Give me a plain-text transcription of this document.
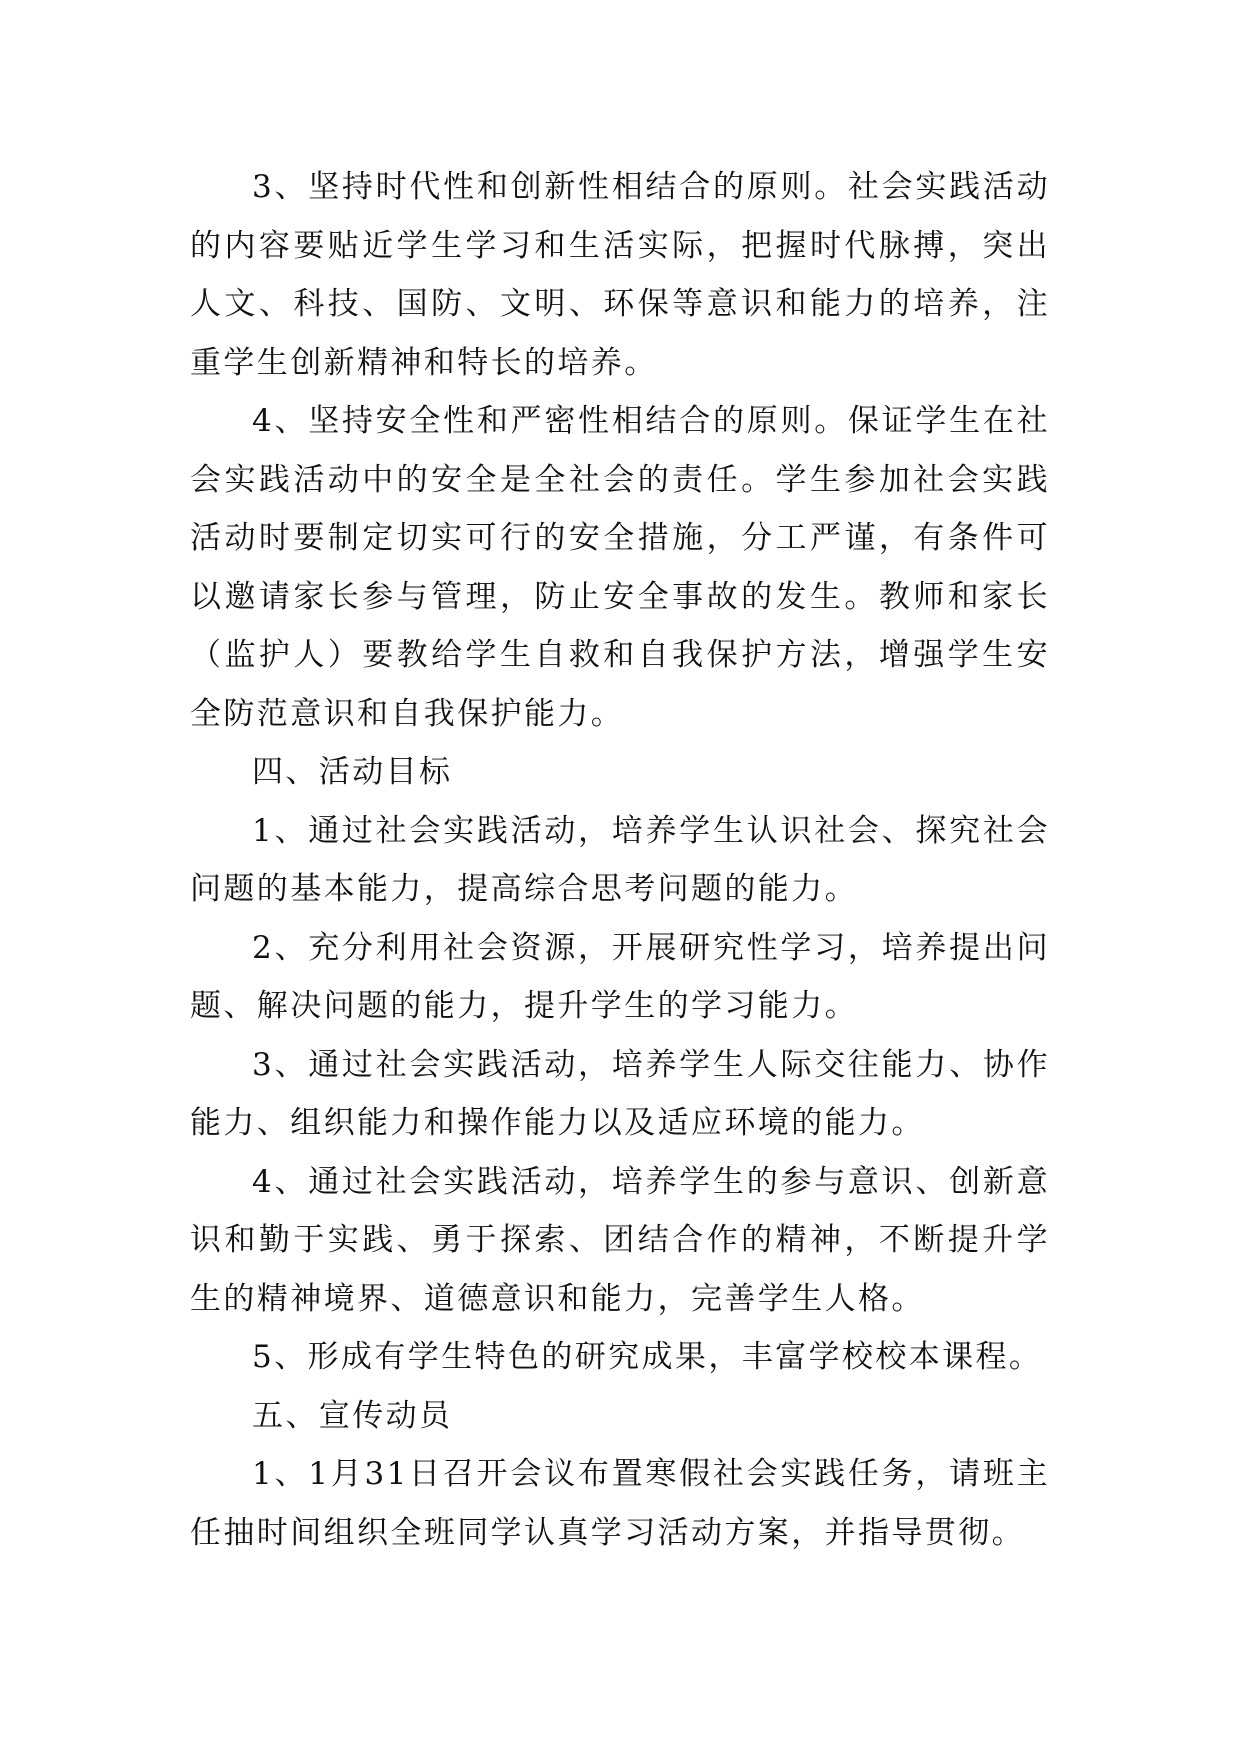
3、坚持时代性和创新性相结合的原则。社会实践活动的内容要贴近学生学习和生活实际，把握时代脉搏，突出人文、科技、国防、文明、环保等意识和能力的培养，注重学生创新精神和特长的培养。

4、坚持安全性和严密性相结合的原则。保证学生在社会实践活动中的安全是全社会的责任。学生参加社会实践活动时要制定切实可行的安全措施，分工严谨，有条件可以邀请家长参与管理，防止安全事故的发生。教师和家长（监护人）要教给学生自救和自我保护方法，增强学生安全防范意识和自我保护能力。

四、活动目标

1、通过社会实践活动，培养学生认识社会、探究社会问题的基本能力，提高综合思考问题的能力。

2、充分利用社会资源，开展研究性学习，培养提出问题、解决问题的能力，提升学生的学习能力。

3、通过社会实践活动，培养学生人际交往能力、协作能力、组织能力和操作能力以及适应环境的能力。

4、通过社会实践活动，培养学生的参与意识、创新意识和勤于实践、勇于探索、团结合作的精神，不断提升学生的精神境界、道德意识和能力，完善学生人格。

5、形成有学生特色的研究成果，丰富学校校本课程。

五、宣传动员

1、1月31日召开会议布置寒假社会实践任务，请班主任抽时间组织全班同学认真学习活动方案，并指导贯彻。
